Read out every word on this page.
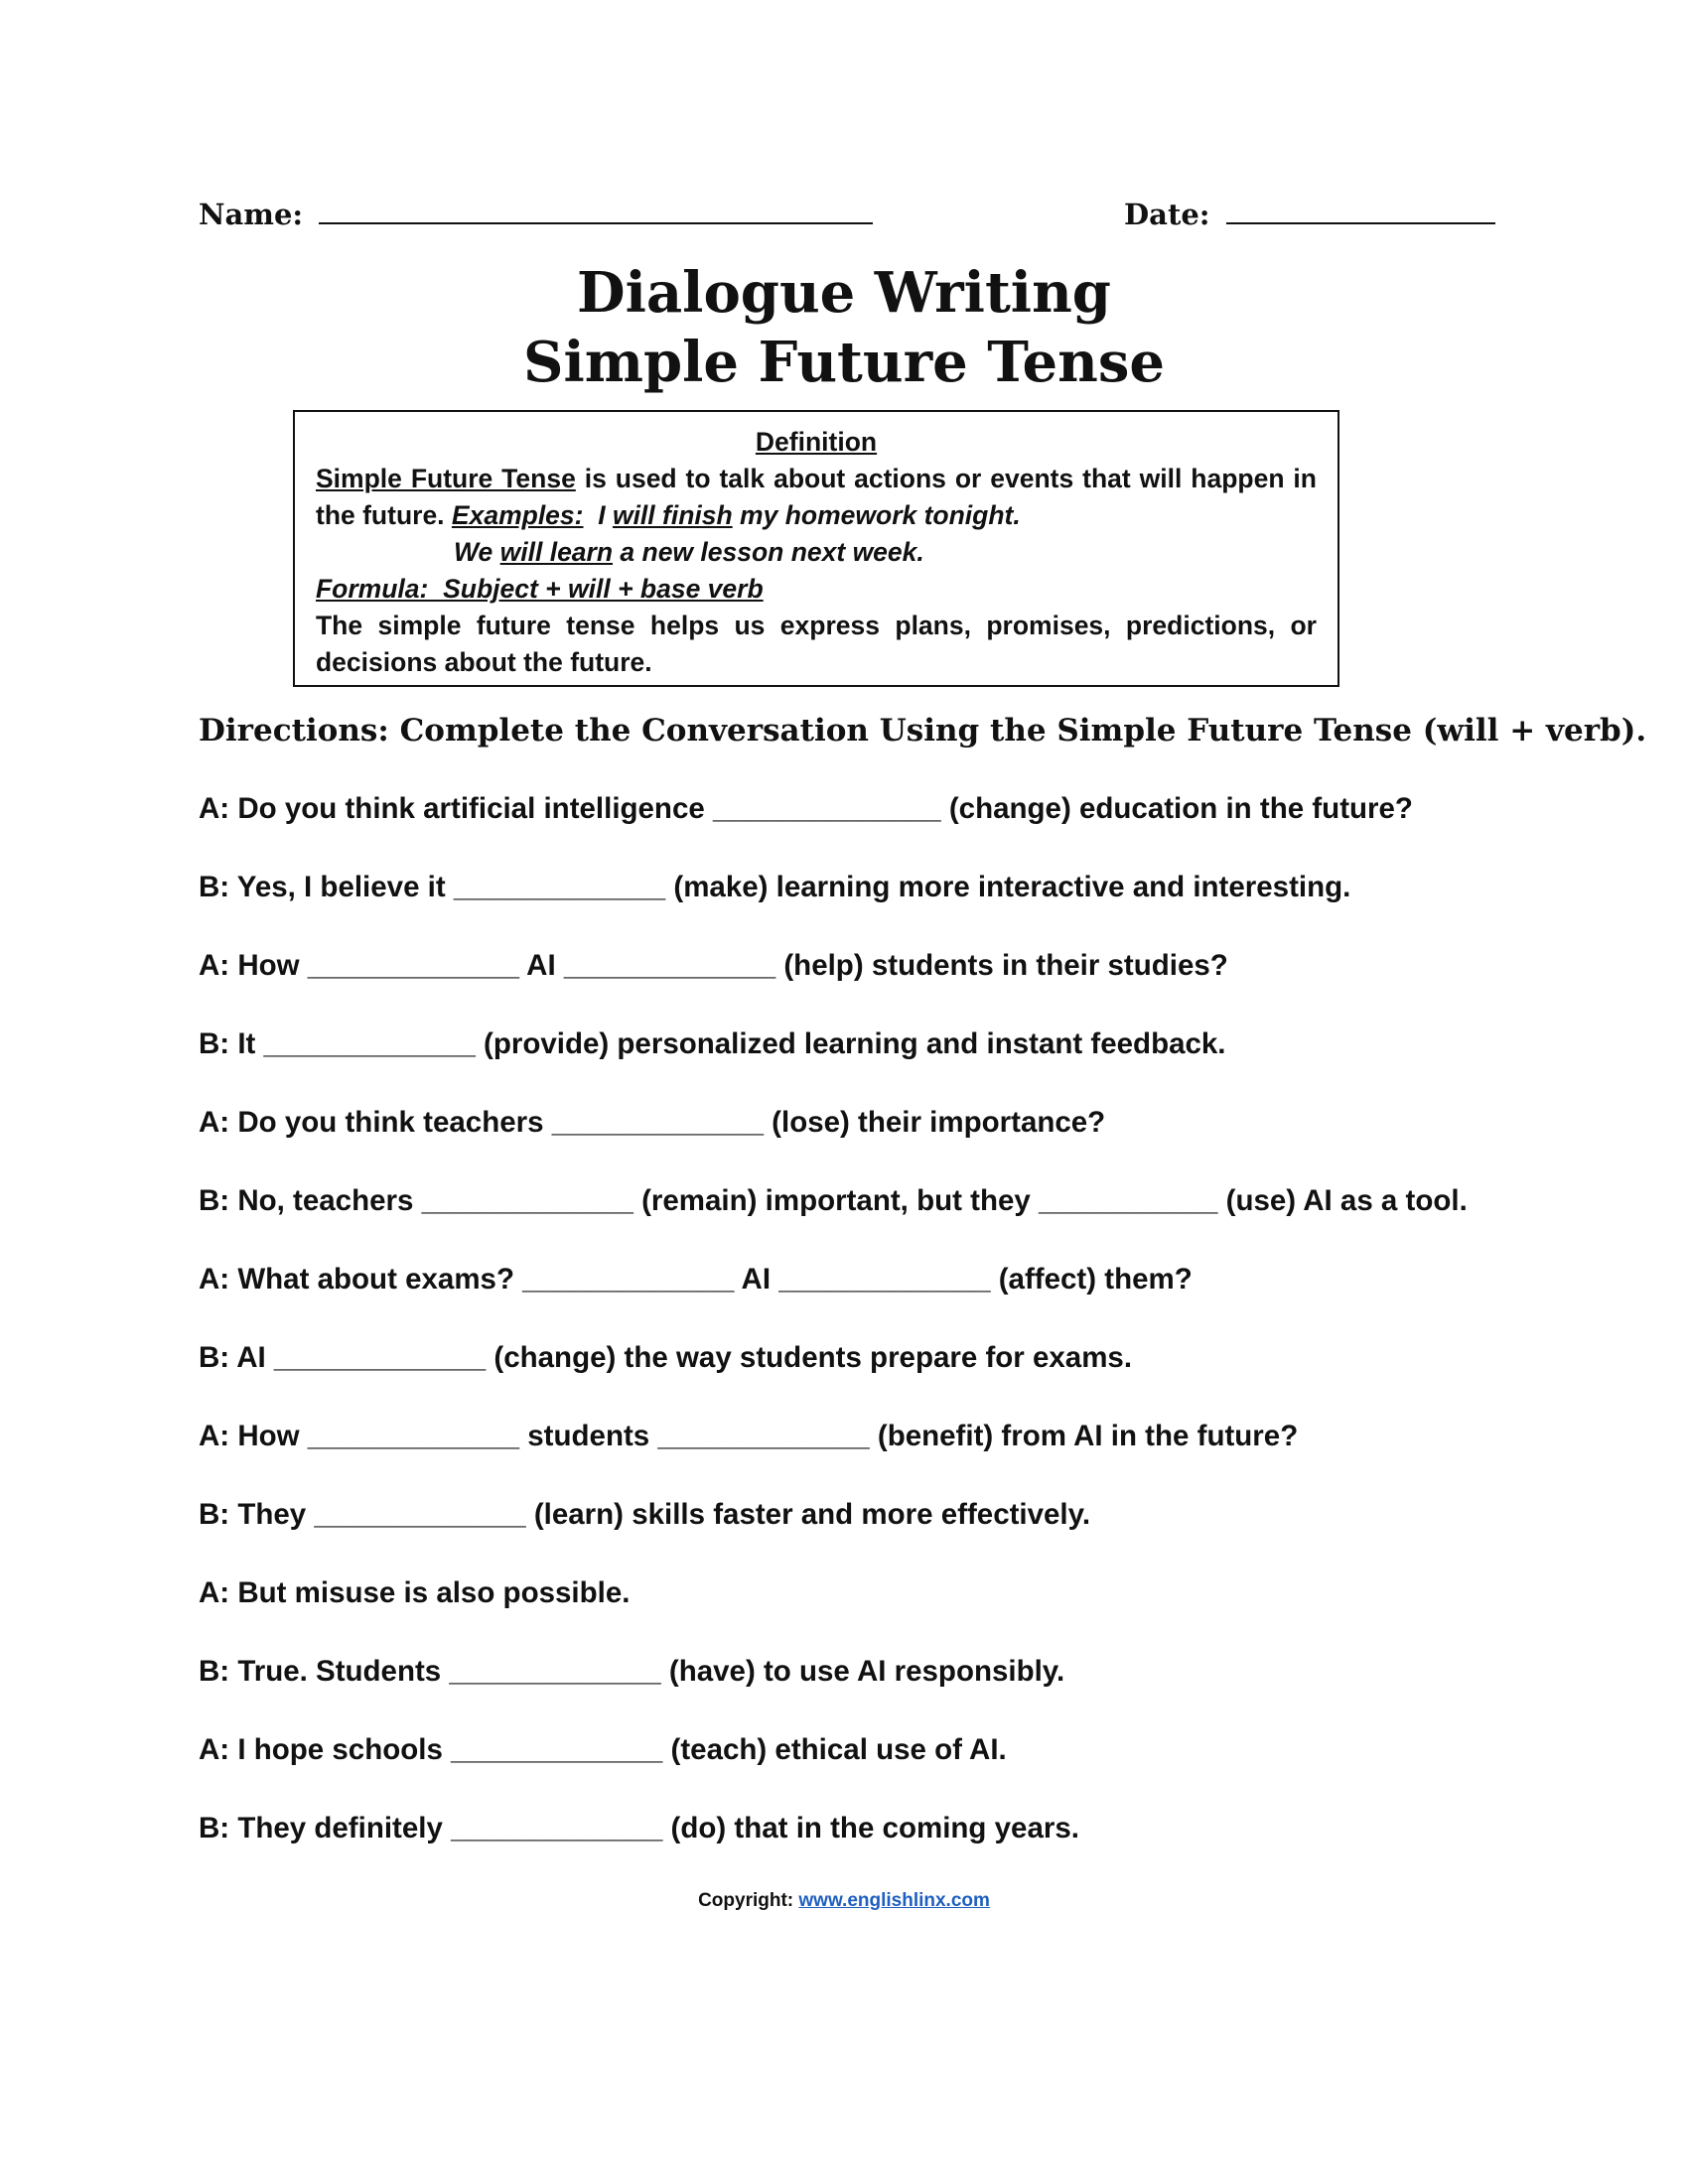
Name:	Date:
Dialogue Writing
Simple Future Tense
Definition
Simple Future Tense is used to talk about actions or events that will happen in the future. Examples:  I will finish my homework tonight.
We will learn a new lesson next week.
Formula:  Subject + will + base verb
The simple future tense helps us express plans, promises, predictions, or decisions about the future.
Directions: Complete the Conversation Using the Simple Future Tense (will + verb).
A: Do you think artificial intelligence ______________ (change) education in the future?
B: Yes, I believe it _____________ (make) learning more interactive and interesting.
A: How _____________ AI _____________ (help) students in their studies?
B: It _____________ (provide) personalized learning and instant feedback.
A: Do you think teachers _____________ (lose) their importance?
B: No, teachers _____________ (remain) important, but they ___________ (use) AI as a tool.
A: What about exams? _____________ AI _____________ (affect) them?
B: AI _____________ (change) the way students prepare for exams.
A: How _____________ students _____________ (benefit) from AI in the future?
B: They _____________ (learn) skills faster and more effectively.
A: But misuse is also possible.
B: True. Students _____________ (have) to use AI responsibly.
A: I hope schools _____________ (teach) ethical use of AI.
B: They definitely _____________ (do) that in the coming years.
Copyright: www.englishlinx.com
